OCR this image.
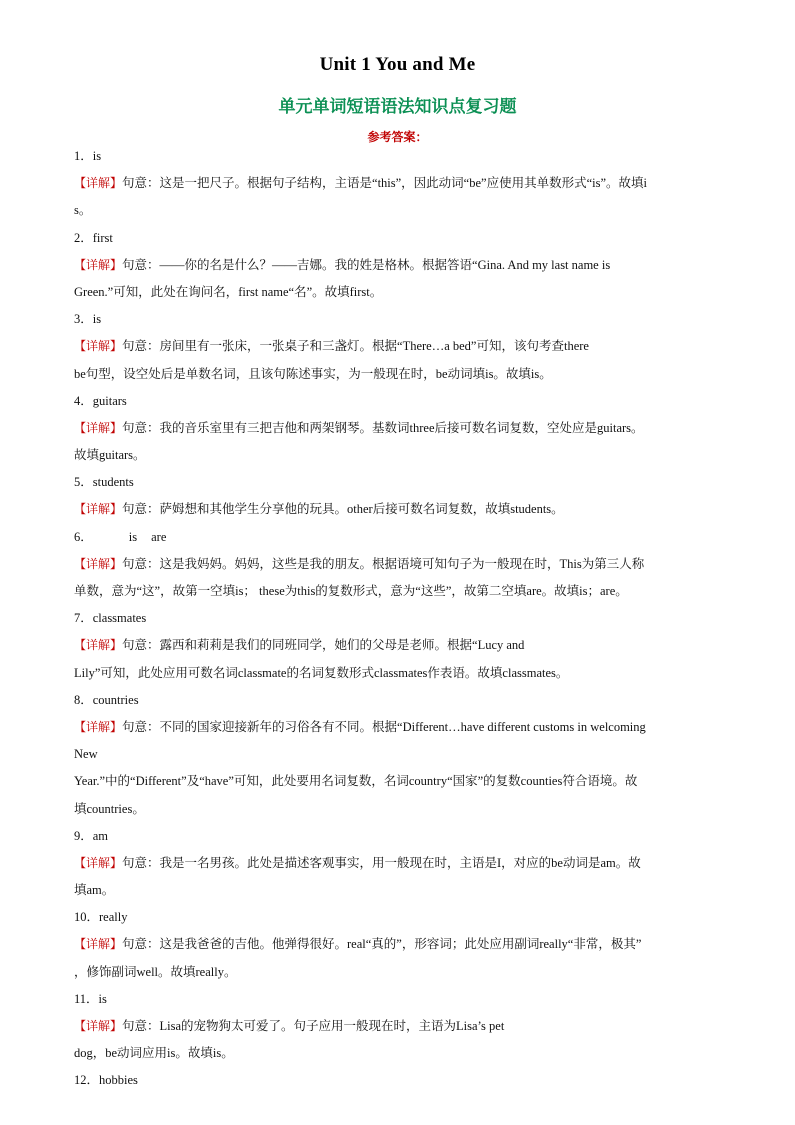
Unit 1 You and Me
单元单词短语语法知识点复习题
参考答案：
1．is
【详解】句意：这是一把尺子。根据句子结构，主语是“this”，因此动词“be”应使用其单数形式“is”。故填i
s。
2．first
【详解】句意：——你的名是什么？——吉娜。我的姓是格林。根据答语“Gina. And my last name is
Green.”可知，此处在询问名，first name“名”。故填first。
3．is
【详解】句意：房间里有一张床，一张桌子和三盏灯。根据“There…a bed”可知，该句考查there
be句型，设空处后是单数名词，且该句陈述事实，为一般现在时，be动词填is。故填is。
4．guitars
【详解】句意：我的音乐室里有三把吉他和两架钢琴。基数词three后接可数名词复数，空处应是guitars。
故填guitars。
5．students
【详解】句意：萨姆想和其他学生分享他的玩具。other后接可数名词复数，故填students。
6．	is are
【详解】句意：这是我妈妈。妈妈，这些是我的朋友。根据语境可知句子为一般现在时，This为第三人称
单数，意为“这”，故第一空填is； these为this的复数形式，意为“这些”，故第二空填are。故填is；are。
7．classmates
【详解】句意：露西和莉莉是我们的同班同学，她们的父母是老师。根据“Lucy and
Lily”可知，此处应用可数名词classmate的名词复数形式classmates作表语。故填classmates。
8．countries
【详解】句意：不同的国家迎接新年的习俗各有不同。根据“Different…have different customs in welcoming
New
Year.”中的“Different”及“have”可知，此处要用名词复数，名词country“国家”的复数counties符合语境。故
填countries。
9．am
【详解】句意：我是一名男孩。此处是描述客观事实，用一般现在时，主语是I，对应的be动词是am。故
填am。
10．really
【详解】句意：这是我爸爸的吉他。他弹得很好。real“真的”，形容词；此处应用副词really“非常，极其”
，修饰副词well。故填really。
11．is
【详解】句意：Lisa的宠物狗太可爱了。句子应用一般现在时，主语为Lisa’s pet
dog，be动词应用is。故填is。
12．hobbies
